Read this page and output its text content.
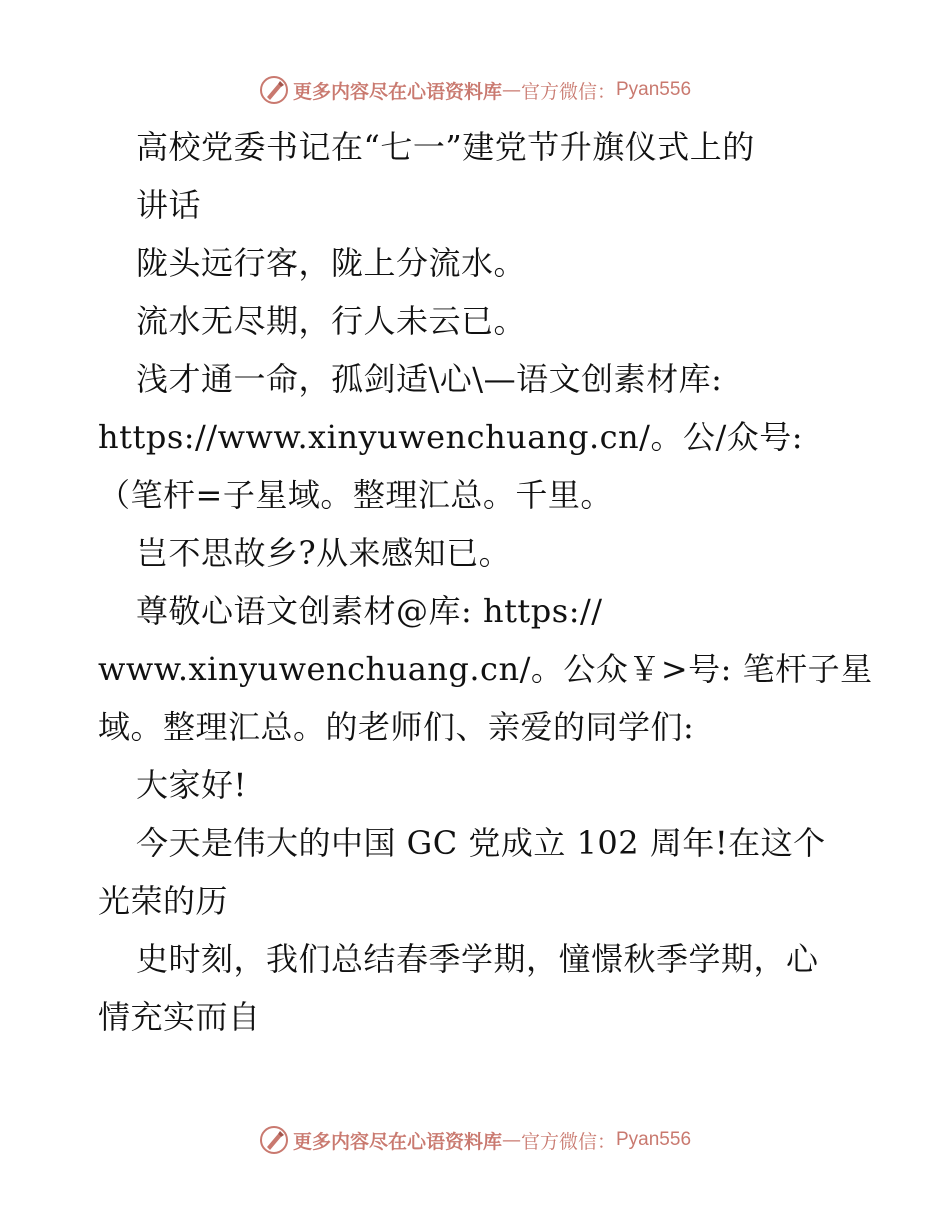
更多内容尽在心语资料库 — 官方微信： Pyan556
高校党委书记在“七一”建党节升旗仪式上的
讲话
陇头远行客，陇上分流水。
流水无尽期，行人未云已。
浅才通一命，孤剑适\心\—语文创素材库:
https://www.xinyuwenchuang.cn/。公/众号:
（笔杆=子星域。整理汇总。千里。
岂不思故乡?从来感知已。
尊敬心语文创素材@库: https://
www.xinyuwenchuang.cn/。公众￥>号: 笔杆子星
域。整理汇总。的老师们、亲爱的同学们:
大家好!
今天是伟大的中国 GC 党成立 102 周年!在这个
光荣的历
史时刻，我们总结春季学期，憧憬秋季学期，心
情充实而自
更多内容尽在心语资料库 — 官方微信： Pyan556
